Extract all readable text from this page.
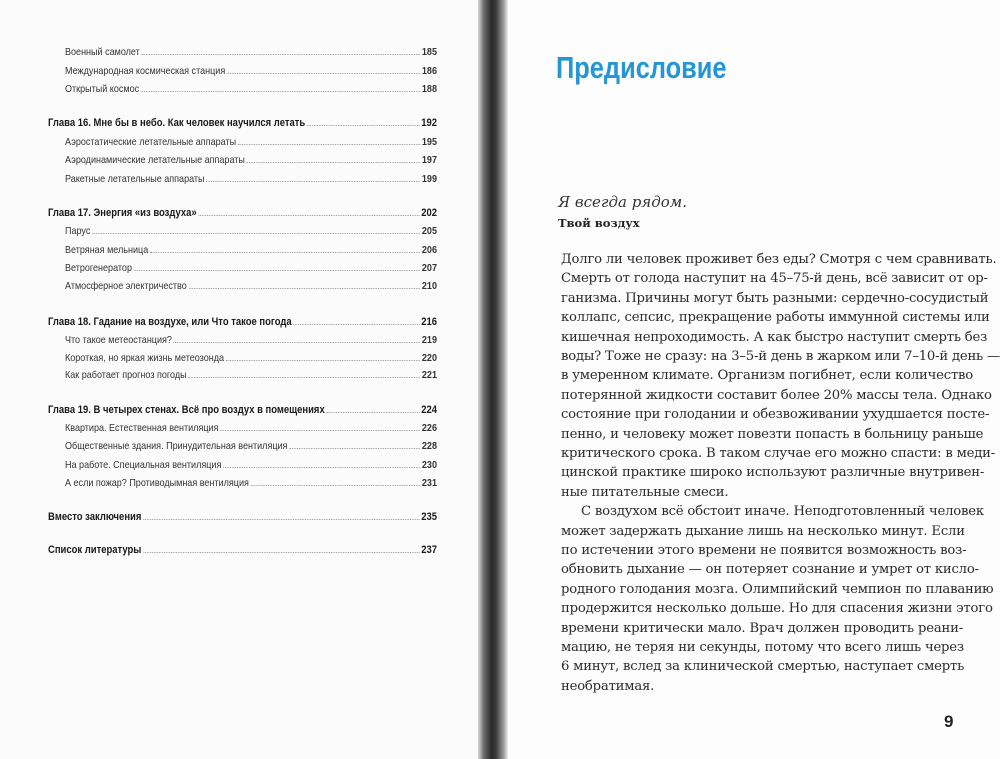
Военный самолет	185
Международная космическая станция	186
Открытый космос	188
Глава 16. Мне бы в небо. Как человек научился летать	192
Аэростатические летательные аппараты	195
Аэродинамические летательные аппараты	197
Ракетные летательные аппараты	199
Глава 17. Энергия «из воздуха»	202
Парус	205
Ветряная мельница	206
Ветрогенератор	207
Атмосферное электричество	210
Глава 18. Гадание на воздухе, или Что такое погода	216
Что такое метеостанция?	219
Короткая, но яркая жизнь метеозонда	220
Как работает прогноз погоды	221
Глава 19. В четырех стенах. Всё про воздух в помещениях	224
Квартира. Естественная вентиляция	226
Общественные здания. Принудительная вентиляция	228
На работе. Специальная вентиляция	230
А если пожар? Противодымная вентиляция	231
Вместо заключения	235
Список литературы	237
Предисловие
Я всегда рядом.
Твой воздух
Долго ли человек проживет без еды? Смотря с чем сравнивать.
Смерть от голода наступит на 45–75-й день, всё зависит от ор-
ганизма. Причины могут быть разными: сердечно-сосудистый
коллапс, сепсис, прекращение работы иммунной системы или
кишечная непроходимость. А как быстро наступит смерть без
воды? Тоже не сразу: на 3–5-й день в жарком или 7–10-й день —
в умеренном климате. Организм погибнет, если количество
потерянной жидкости составит более 20% массы тела. Однако
состояние при голодании и обезвоживании ухудшается посте-
пенно, и человеку может повезти попасть в больницу раньше
критического срока. В таком случае его можно спасти: в меди-
цинской практике широко используют различные внутривен-
ные питательные смеси.
С воздухом всё обстоит иначе. Неподготовленный человек
может задержать дыхание лишь на несколько минут. Если
по истечении этого времени не появится возможность воз-
обновить дыхание — он потеряет сознание и умрет от кисло-
родного голодания мозга. Олимпийский чемпион по плаванию
продержится несколько дольше. Но для спасения жизни этого
времени критически мало. Врач должен проводить реани-
мацию, не теряя ни секунды, потому что всего лишь через
6 минут, вслед за клинической смертью, наступает смерть
необратимая.
9
